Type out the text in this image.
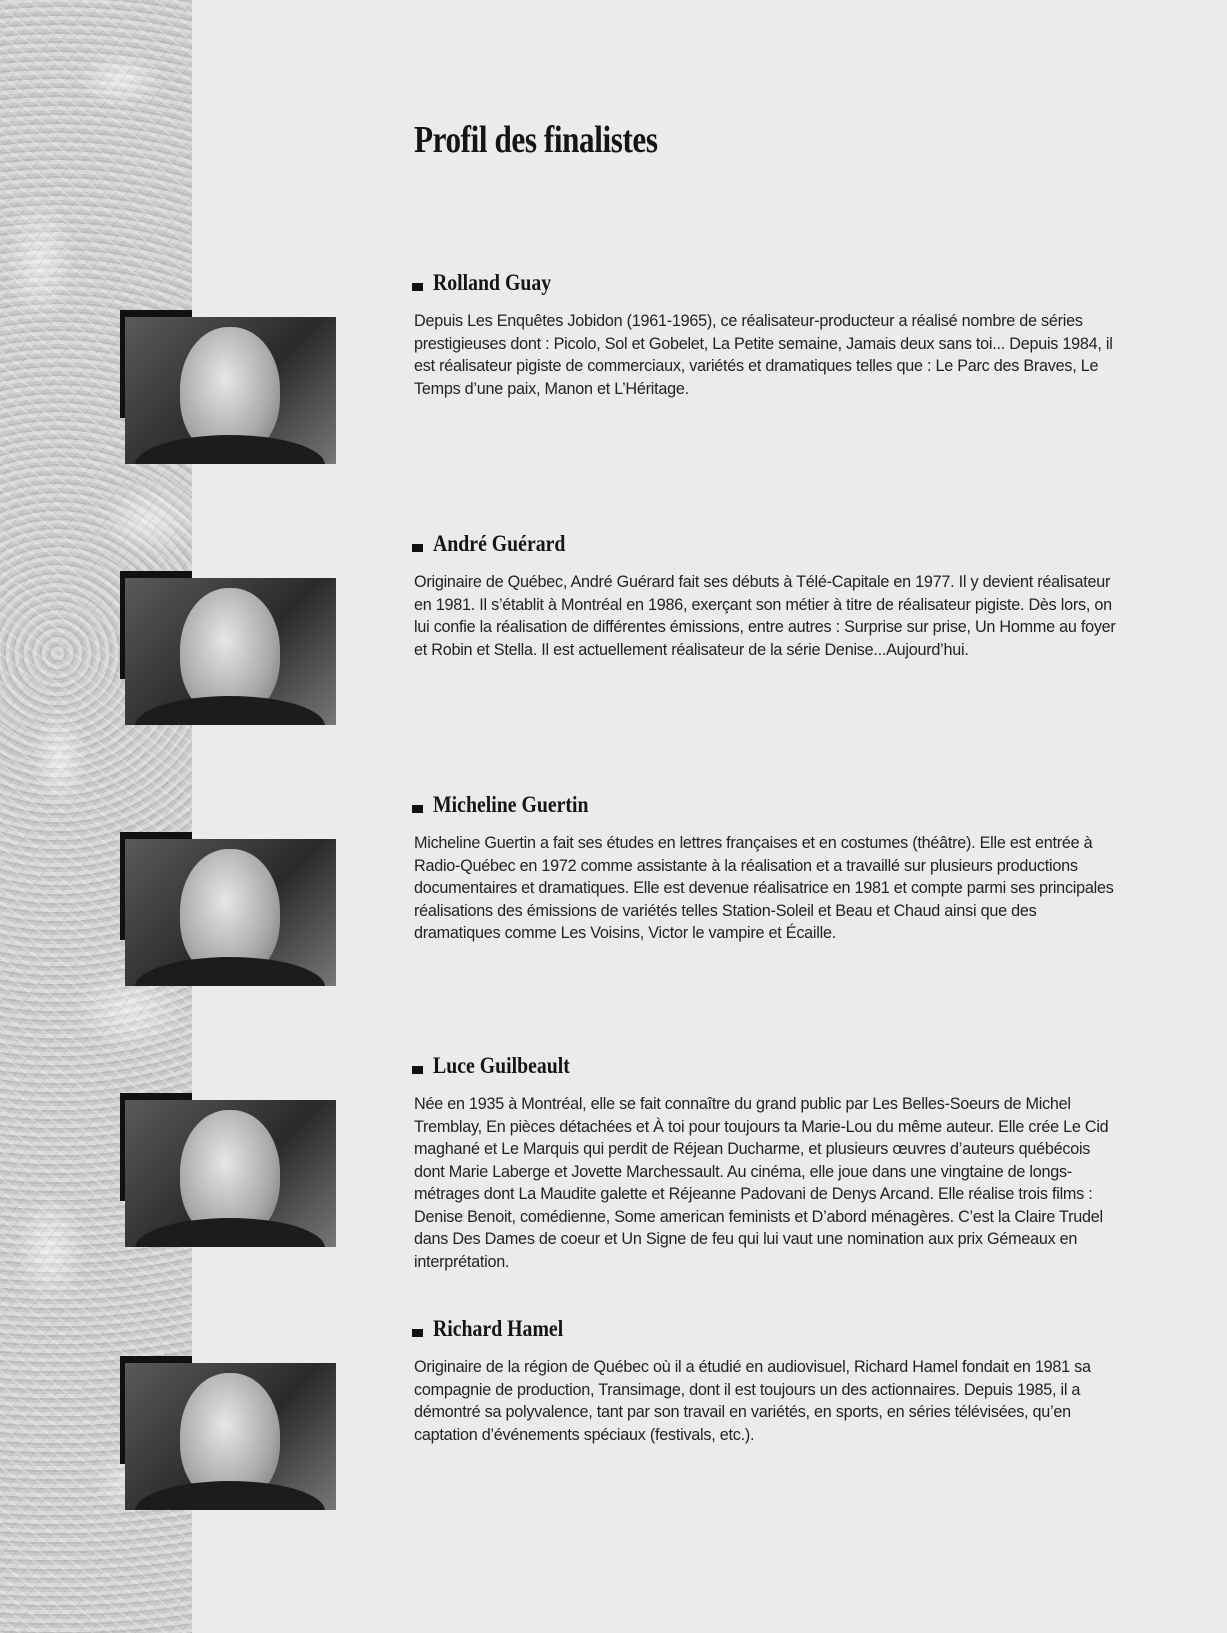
Profil des finalistes
Rolland Guay

Depuis Les Enquêtes Jobidon (1961-1965), ce réalisateur-producteur a réalisé nombre de séries prestigieuses dont : Picolo, Sol et Gobelet, La Petite semaine, Jamais deux sans toi... Depuis 1984, il est réalisateur pigiste de commerciaux, variétés et dramatiques telles que : Le Parc des Braves, Le Temps d’une paix, Manon et L’Héritage.

André Guérard

Originaire de Québec, André Guérard fait ses débuts à Télé-Capitale en 1977. Il y devient réalisateur en 1981. Il s’établit à Montréal en 1986, exerçant son métier à titre de réalisateur pigiste. Dès lors, on lui confie la réalisation de différentes émissions, entre autres : Surprise sur prise, Un Homme au foyer et Robin et Stella. Il est actuellement réalisateur de la série Denise...Aujourd’hui.

Micheline Guertin

Micheline Guertin a fait ses études en lettres françaises et en costumes (théâtre). Elle est entrée à Radio-Québec en 1972 comme assistante à la réalisation et a travaillé sur plusieurs productions documentaires et dramatiques. Elle est devenue réalisatrice en 1981 et compte parmi ses principales réalisations des émissions de variétés telles Station-Soleil et Beau et Chaud ainsi que des dramatiques comme Les Voisins, Victor le vampire et Écaille.

Luce Guilbeault

Née en 1935 à Montréal, elle se fait connaître du grand public par Les Belles-Soeurs de Michel Tremblay, En pièces détachées et À toi pour toujours ta Marie-Lou du même auteur. Elle crée Le Cid maghané et Le Marquis qui perdit de Réjean Ducharme, et plusieurs œuvres d’auteurs québécois dont Marie Laberge et Jovette Marchessault. Au cinéma, elle joue dans une vingtaine de longs-métrages dont La Maudite galette et Réjeanne Padovani de Denys Arcand. Elle réalise trois films : Denise Benoit, comédienne, Some american feminists et D’abord ménagères. C’est la Claire Trudel dans Des Dames de coeur et Un Signe de feu qui lui vaut une nomination aux prix Gémeaux en interprétation.

Richard Hamel

Originaire de la région de Québec où il a étudié en audiovisuel, Richard Hamel fondait en 1981 sa compagnie de production, Transimage, dont il est toujours un des actionnaires. Depuis 1985, il a démontré sa polyvalence, tant par son travail en variétés, en sports, en séries télévisées, qu’en captation d’événements spéciaux (festivals, etc.).
